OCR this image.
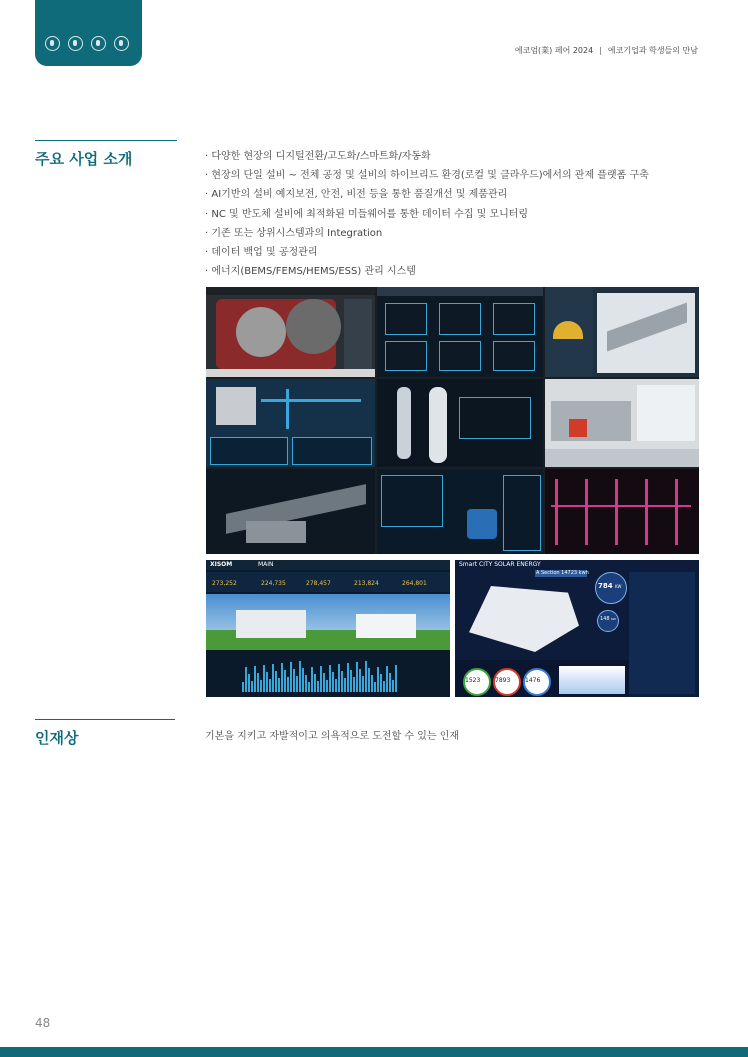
에코엄(業) 페어 2024 | 에코기업과 학생들의 만남
주요 사업 소개	· 다양한 현장의 디지털전환/고도화/스마트화/자동화
· 현장의 단일 설비 ~ 전체 공정 및 설비의 하이브리드 환경(로컬 및 클라우드)에서의 관제 플랫폼 구축
· AI기반의 설비 예지보전, 안전, 비전 등을 통한 품질개선 및 제품관리
· NC 및 반도체 설비에 최적화된 미들웨어를 통한 데이터 수집 및 모니터링
· 기존 또는 상위시스템과의 Integration
· 데이터 백업 및 공정관리
· 에너지(BEMS/FEMS/HEMS/ESS) 관리 시스템
XISOM	MAIN
273,252	224,735	278,457	213,824	264,801
Smart CITY SOLAR ENERGY
A Section 14723 kwh
784 KW
148 KW
1523 7893 1476
인재상	기본을 지키고 자발적이고 의욕적으로 도전할 수 있는 인재
48
